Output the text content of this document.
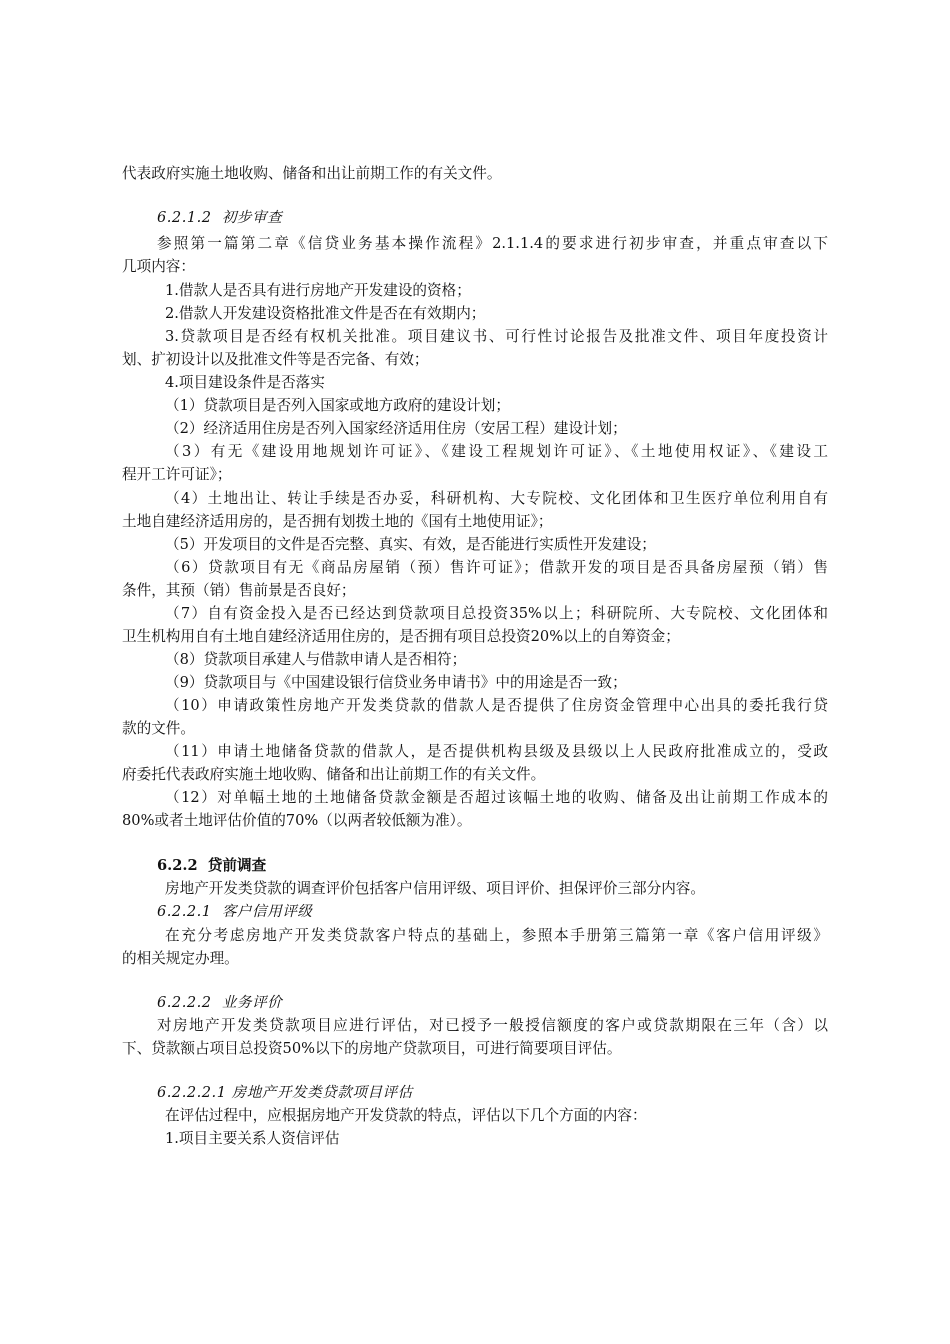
代表政府实施土地收购、储备和出让前期工作的有关文件。
6.2.1.2  初步审查
参照第一篇第二章《信贷业务基本操作流程》2.1.1.4的要求进行初步审查，并重点审查以下
几项内容：
1.借款人是否具有进行房地产开发建设的资格；
2.借款人开发建设资格批准文件是否在有效期内；
3.贷款项目是否经有权机关批准。项目建议书、可行性讨论报告及批准文件、项目年度投资计
划、扩初设计以及批准文件等是否完备、有效；
4.项目建设条件是否落实
（1）贷款项目是否列入国家或地方政府的建设计划；
（2）经济适用住房是否列入国家经济适用住房（安居工程）建设计划；
（3）有无《建设用地规划许可证》、《建设工程规划许可证》、《土地使用权证》、《建设工
程开工许可证》；
（4）土地出让、转让手续是否办妥，科研机构、大专院校、文化团体和卫生医疗单位利用自有
土地自建经济适用房的，是否拥有划拨土地的《国有土地使用证》；
（5）开发项目的文件是否完整、真实、有效，是否能进行实质性开发建设；
（6）贷款项目有无《商品房屋销（预）售许可证》；借款开发的项目是否具备房屋预（销）售
条件，其预（销）售前景是否良好；
（7）自有资金投入是否已经达到贷款项目总投资35%以上；科研院所、大专院校、文化团体和
卫生机构用自有土地自建经济适用住房的，是否拥有项目总投资20%以上的自筹资金；
（8）贷款项目承建人与借款申请人是否相符；
（9）贷款项目与《中国建设银行信贷业务申请书》中的用途是否一致；
（10）申请政策性房地产开发类贷款的借款人是否提供了住房资金管理中心出具的委托我行贷
款的文件。
（11）申请土地储备贷款的借款人，是否提供机构县级及县级以上人民政府批准成立的，受政
府委托代表政府实施土地收购、储备和出让前期工作的有关文件。
（12）对单幅土地的土地储备贷款金额是否超过该幅土地的收购、储备及出让前期工作成本的
80%或者土地评估价值的70%（以两者较低额为准）。
6.2.2  贷前调查
房地产开发类贷款的调查评价包括客户信用评级、项目评价、担保评价三部分内容。
6.2.2.1  客户信用评级
在充分考虑房地产开发类贷款客户特点的基础上，参照本手册第三篇第一章《客户信用评级》
的相关规定办理。
6.2.2.2  业务评价
对房地产开发类贷款项目应进行评估，对已授予一般授信额度的客户或贷款期限在三年（含）以
下、贷款额占项目总投资50%以下的房地产贷款项目，可进行简要项目评估。
6.2.2.2.1 房地产开发类贷款项目评估
在评估过程中，应根据房地产开发贷款的特点，评估以下几个方面的内容：
1.项目主要关系人资信评估
